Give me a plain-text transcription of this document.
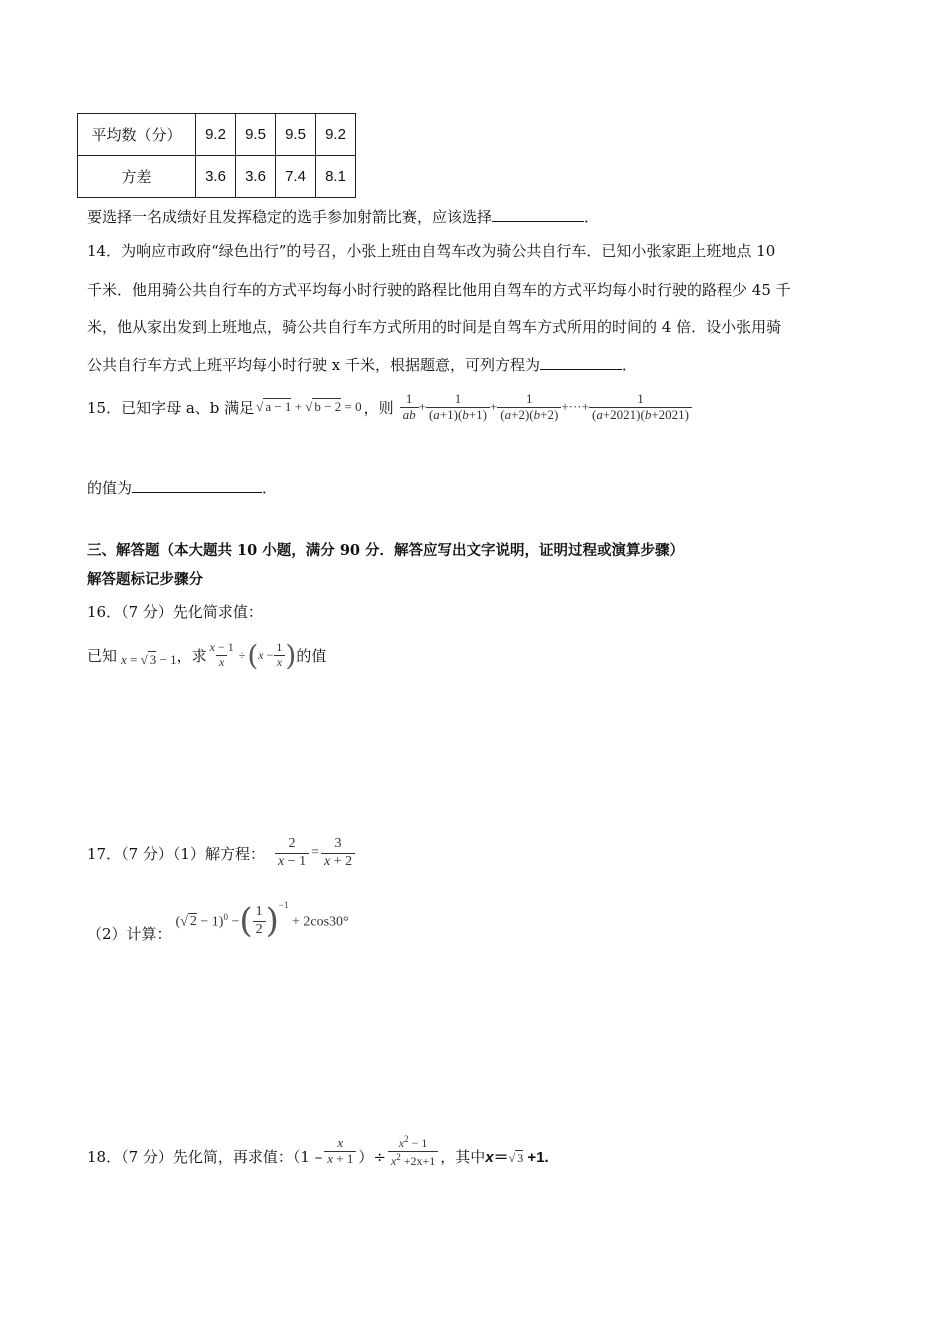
平均数（分）	9.2	9.5	9.5	9.2
方差	3.6	3.6	7.4	8.1
要选择一名成绩好且发挥稳定的选手参加射箭比赛，应该选择	．
14．为响应市政府“绿色出行”的号召，小张上班由自驾车改为骑公共自行车．已知小张家距上班地点 10
千米．他用骑公共自行车的方式平均每小时行驶的路程比他用自驾车的方式平均每小时行驶的路程少 45 千
米，他从家出发到上班地点，骑公共自行车方式所用的时间是自驾车方式所用的时间的 4 倍．设小张用骑
公共自行车方式上班平均每小时行驶 x 千米，根据题意，可列方程为	．
15．已知字母 a、b 满足 √ a − 1 + √ b − 2 = 0 ，则 $\frac{1}{ab} + \frac{1}{(a+1)(b+1)} + \frac{1}{(a+2)(b+2)}$ +···+ $\frac{1}{(a+2021)(b+2021)}$
的值为	．
三、解答题（本大题共 10 小题，满分 90 分．解答应写出文字说明，证明过程或演算步骤）
解答题标记步骤分
16．（7 分）先化简求值：
已知 x = √ 3 − 1 ，求 $\frac{x - 1}{x}$ ÷ ( $x - \frac{1}{x}$ ) 的值
17．（7 分）（1）解方程： $\frac{2}{x - 1} = \frac{3}{x + 2}$
（2）计算：
(√ 2 − 1)$^0$ − ( $\frac{1}{2}$ ) $^{-1}$ + 2cos30°
18．（7 分）先化简，再求值：（$1 - \frac{x}{x + 1}$ ）÷ $\frac{x^2 - 1}{x^2 +2x+1}$ ，其中 x＝√ 3 +1.
